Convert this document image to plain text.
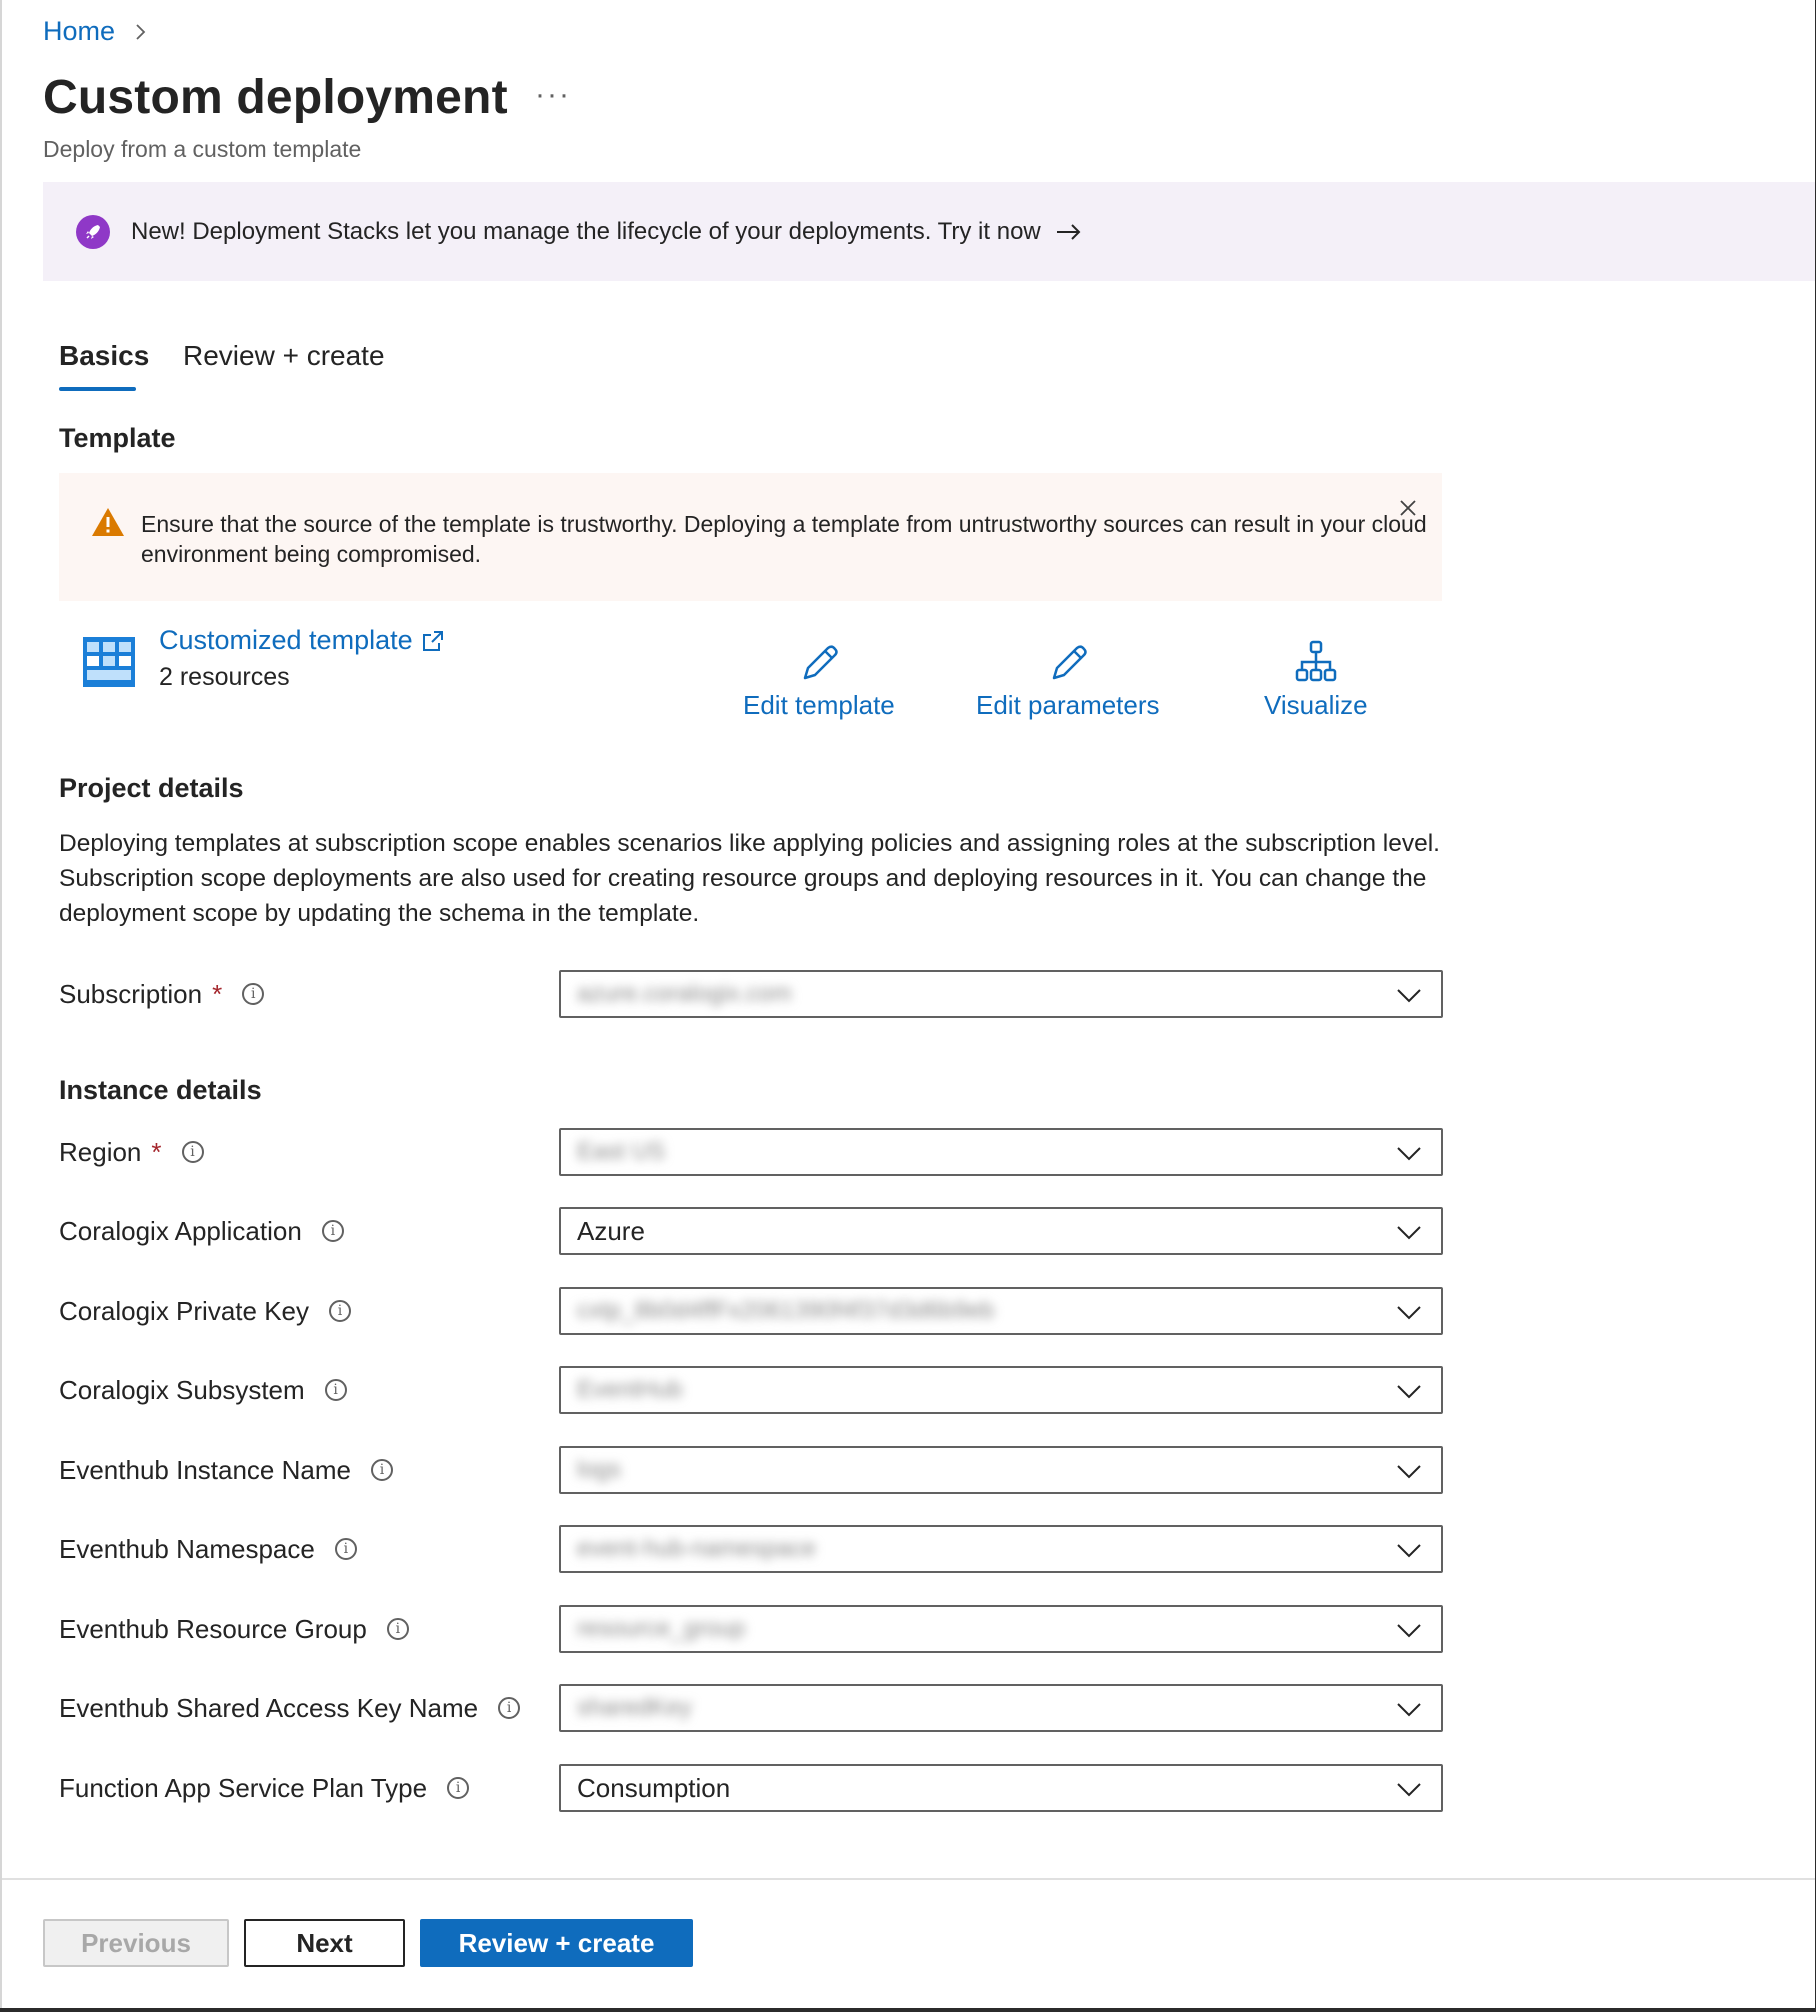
Home
Custom deployment ···
Deploy from a custom template
New! Deployment Stacks let you manage the lifecycle of your deployments. Try it now
Basics Review + create
Template
Ensure that the source of the template is trustworthy. Deploying a template from untrustworthy sources can result in your cloud environment being compromised.
Customized template
2 resources
Edit template	Edit parameters	Visualize
Project details
Deploying templates at subscription scope enables scenarios like applying policies and assigning roles at the subscription level. Subscription scope deployments are also used for creating resource groups and deploying resources in it. You can change the deployment scope by updating the schema in the template.
Subscription *	i	azure.coralogix.com
Instance details
Region *	i	East US
Coralogix Application	i	Azure
Coralogix Private Key	i	cxtp_8b0d4ffFx2061390f4f37d3d6b9eb
Coralogix Subsystem	i	EventHub
Eventhub Instance Name	i	logs
Eventhub Namespace	i	event-hub-namespace
Eventhub Resource Group	i	resource_group
Eventhub Shared Access Key Name	i	sharedKey
Function App Service Plan Type	i	Consumption
Previous	Next	Review + create
